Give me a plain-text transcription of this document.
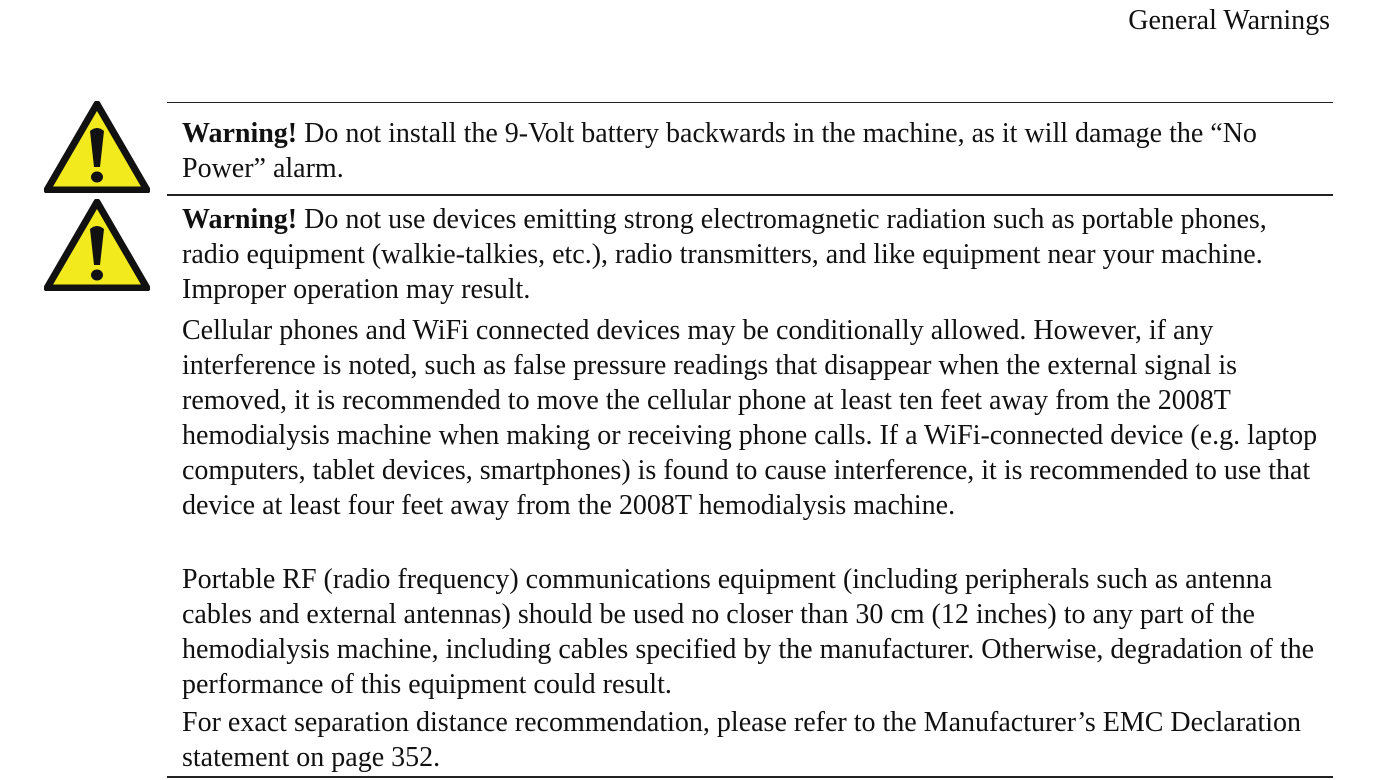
General Warnings

Warning! Do not install the 9-Volt battery backwards in the machine, as it will damage the “No Power” alarm.

Warning! Do not use devices emitting strong electromagnetic radiation such as portable phones, radio equipment (walkie-talkies, etc.), radio transmitters, and like equipment near your machine. Improper operation may result.

Cellular phones and WiFi connected devices may be conditionally allowed. However, if any interference is noted, such as false pressure readings that disappear when the external signal is removed, it is recommended to move the cellular phone at least ten feet away from the 2008T hemodialysis machine when making or receiving phone calls. If a WiFi-connected device (e.g. laptop computers, tablet devices, smartphones) is found to cause interference, it is recommended to use that device at least four feet away from the 2008T hemodialysis machine.

Portable RF (radio frequency) communications equipment (including peripherals such as antenna cables and external antennas) should be used no closer than 30 cm (12 inches) to any part of the hemodialysis machine, including cables specified by the manufacturer. Otherwise, degradation of the performance of this equipment could result.

For exact separation distance recommendation, please refer to the Manufacturer’s EMC Declaration statement on page 352.
